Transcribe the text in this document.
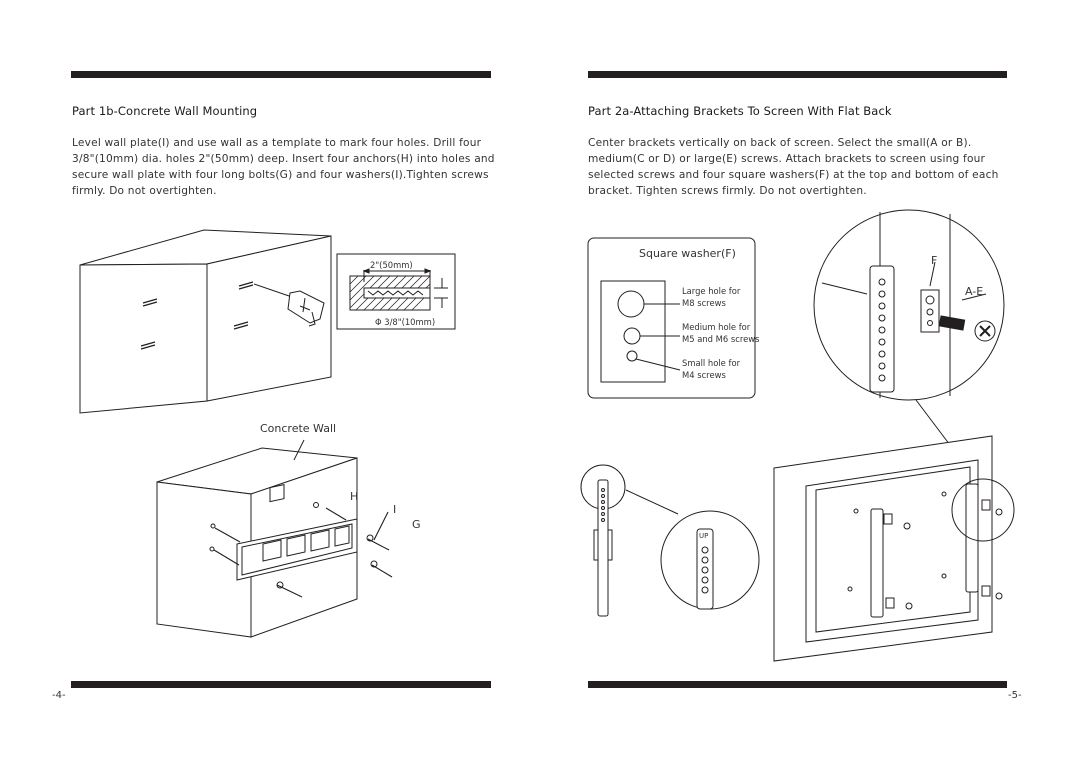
Part 1b-Concrete Wall Mounting
Level wall plate(I) and use wall as a template to mark four holes. Drill four 3/8"(10mm) dia. holes 2"(50mm) deep. Insert four anchors(H) into holes and secure wall plate with four long bolts(G) and four washers(I).Tighten screws firmly. Do not overtighten.
Part 2a-Attaching Brackets To Screen With Flat Back
Center brackets vertically on back of screen. Select the small(A or B). medium(C or D) or large(E) screws. Attach brackets to screen using four selected screws and four square washers(F) at the top and bottom of each bracket. Tighten screws firmly. Do not overtighten.
2"(50mm)
Φ 3/8"(10mm)
Concrete Wall
H
I
G
-4-
Square washer(F)
Large hole for
M8 screws
Medium hole for
M5 and M6 screws
Small hole for
M4 screws
F
A-E
UP
-5-
